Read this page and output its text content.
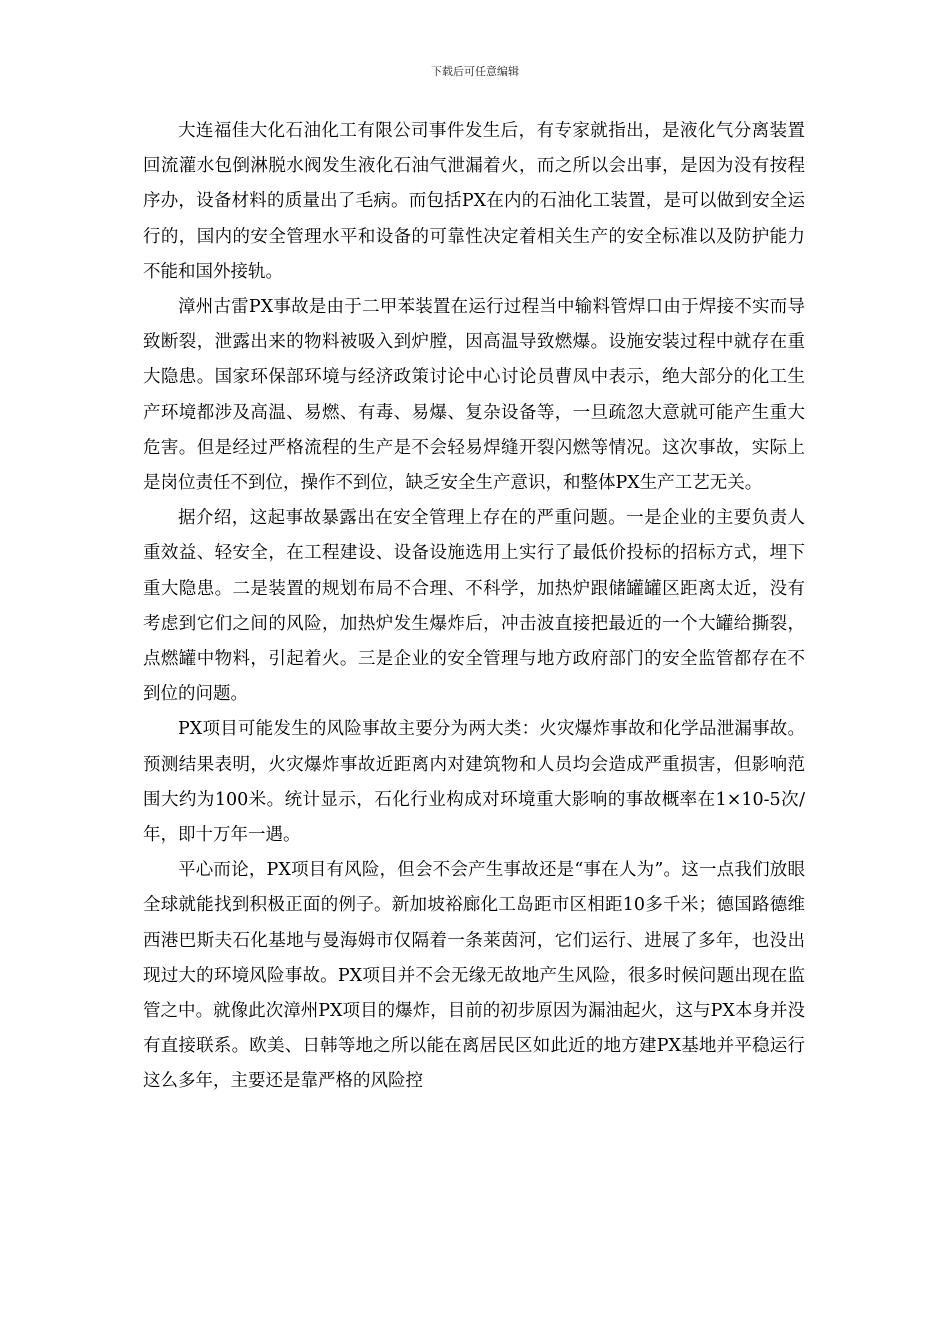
下载后可任意编辑

大连福佳大化石油化工有限公司事件发生后，有专家就指出，是液化气分离装置回流灌水包倒淋脱水阀发生液化石油气泄漏着火，而之所以会出事，是因为没有按程序办，设备材料的质量出了毛病。而包括PX在内的石油化工装置，是可以做到安全运行的，国内的安全管理水平和设备的可靠性决定着相关生产的安全标准以及防护能力不能和国外接轨。

漳州古雷PX事故是由于二甲苯装置在运行过程当中输料管焊口由于焊接不实而导致断裂，泄露出来的物料被吸入到炉膛，因高温导致燃爆。设施安装过程中就存在重大隐患。国家环保部环境与经济政策讨论中心讨论员曹凤中表示，绝大部分的化工生产环境都涉及高温、易燃、有毒、易爆、复杂设备等，一旦疏忽大意就可能产生重大危害。但是经过严格流程的生产是不会轻易焊缝开裂闪燃等情况。这次事故，实际上是岗位责任不到位，操作不到位，缺乏安全生产意识，和整体PX生产工艺无关。

据介绍，这起事故暴露出在安全管理上存在的严重问题。一是企业的主要负责人重效益、轻安全，在工程建设、设备设施选用上实行了最低价投标的招标方式，埋下重大隐患。二是装置的规划布局不合理、不科学，加热炉跟储罐罐区距离太近，没有考虑到它们之间的风险，加热炉发生爆炸后，冲击波直接把最近的一个大罐给撕裂，点燃罐中物料，引起着火。三是企业的安全管理与地方政府部门的安全监管都存在不到位的问题。

PX项目可能发生的风险事故主要分为两大类：火灾爆炸事故和化学品泄漏事故。预测结果表明，火灾爆炸事故近距离内对建筑物和人员均会造成严重损害，但影响范围大约为100米。统计显示，石化行业构成对环境重大影响的事故概率在1×10-5次/年，即十万年一遇。

平心而论，PX项目有风险，但会不会产生事故还是“事在人为”。这一点我们放眼全球就能找到积极正面的例子。新加坡裕廊化工岛距市区相距10多千米；德国路德维西港巴斯夫石化基地与曼海姆市仅隔着一条莱茵河，它们运行、进展了多年，也没出现过大的环境风险事故。PX项目并不会无缘无故地产生风险，很多时候问题出现在监管之中。就像此次漳州PX项目的爆炸，目前的初步原因为漏油起火，这与PX本身并没有直接联系。欧美、日韩等地之所以能在离居民区如此近的地方建PX基地并平稳运行这么多年，主要还是靠严格的风险控
